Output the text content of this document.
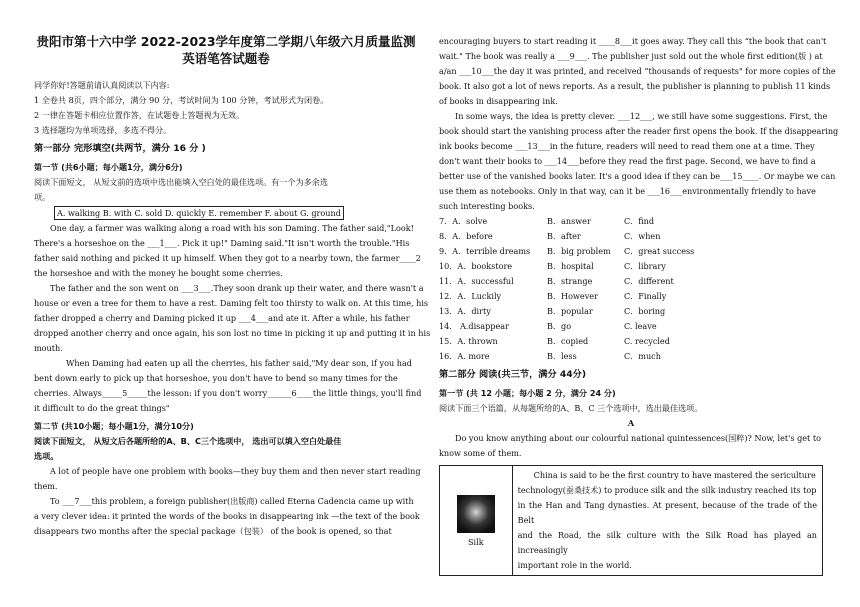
贵阳市第十六中学 2022-2023学年度第二学期八年级六月质量监测
英语笔答试题卷
同学你好!答题前请认真阅读以下内容:
1 全卷共 8页，四个部分，满分 90 分，考试时间为 100 分钟，考试形式为闭卷。
2 一律在答题卡相应位置作答，在试题卷上答题视为无效。
3 选择题均为单项选择，多选不得分。
第一部分 完形填空(共两节，满分 16 分 )
第一节 (共6小题；每小题1分，满分6分)
阅读下面短文， 从短文前的选项中选出能填入空白处的最佳选项。有一个为多余选
项。
A. walking B. with C. sold D. quickly E. remember F. about G. ground
One day, a farmer was walking along a road with his son Daming. The father said,"Look!
There's a horseshoe on the ___1___. Pick it up!" Daming said."It isn't worth the trouble."His
father said nothing and picked it up himself. When they got to a nearby town, the farmer____2
the horseshoe and with the money he bought some cherries.
The father and the son went on ___3___.They soon drank up their water, and there wasn't a
house or even a tree for them to have a rest. Daming felt too thirsty to walk on. At this time, his
father dropped a cherry and Daming picked it up ___4___and ate it. After a while, his father
dropped another cherry and once again, his son lost no time in picking it up and putting it in his
mouth.
When Daming had eaten up all the cherries, his father said,"My dear son, if you had
bent down early to pick up that horseshoe, you don't have to bend so many times for the
cherries. Always_____5_____the lesson: if you don't worry______6____the little things, you'll find
it difficult to do the great things"
第二节 (共10小题；每小题1分，满分10分)
阅读下面短文， 从短文后各题所给的A、B、C三个选项中， 选出可以填入空白处最佳
选项。
A lot of people have one problem with books—they buy them and then never start reading
them.
To ___7___this problem, a foreign publisher(出版商) called Eterna Cadencia came up with
a very clever idea: it printed the words of the books in disappearing ink —the text of the book
disappears two months after the special package（包装） of the book is opened, so that
encouraging buyers to start reading it ____8___it goes away. They call this “the book that can't
wait." The book was really a ___9___. The publisher just sold out the whole first edition(版 ) at
a/an ___10___the day it was printed, and received “thousands of requests" for more copies of the
book. It also got a lot of news reports. As a result, the publisher is planning to publish 11 kinds
of books in disappearing ink.
In some ways, the idea is pretty clever. ___12___, we still have some suggestions. First, the
book should start the vanishing process after the reader first opens the book. If the disappearing
ink books become ___13___in the future, readers will need to read them one at a time. They
don't want their books to ___14___before they read the first page. Second, we have to find a
better use of the vanished books later. It's a good idea if they can be___15____. Or maybe we can
use them as notebooks. Only in that way, can it be ___16___environmentally friendly to have
such interesting books.
7．A．solve	B．answer	C．find
8．A．before	B．after	C．when
9．A．terrible dreams	B．big problem	C．great success
10．A．bookstore	B．hospital	C．library
11．A．successful	B．strange	C．different
12．A．Luckily	B．However	C．Finally
13．A．dirty	B．popular	C．boring
14． A.disappear	B．go	C. leave
15．A. thrown	B．copied	C. recycled
16．A. more	B．less	C．much
第二部分 阅读(共三节，满分 44分)
第一节 (共 12 小题；每小题 2 分，满分 24 分)
阅读下面三个语篇，从每题所给的A、B、C 三个选项中，选出最佳选项。
A
Do you know anything about our colourful national quintessences(国粹)? Now, let's get to
know some of them.
Silk

China is said to be the first country to have mastered the sericulture
technology(蚕桑技术) to produce silk and the silk industry reached its top
in the Han and Tang dynasties. At present, because of the trade of the Belt
and the Road, the silk culture with the Silk Road has played an increasingly
important role in the world.
